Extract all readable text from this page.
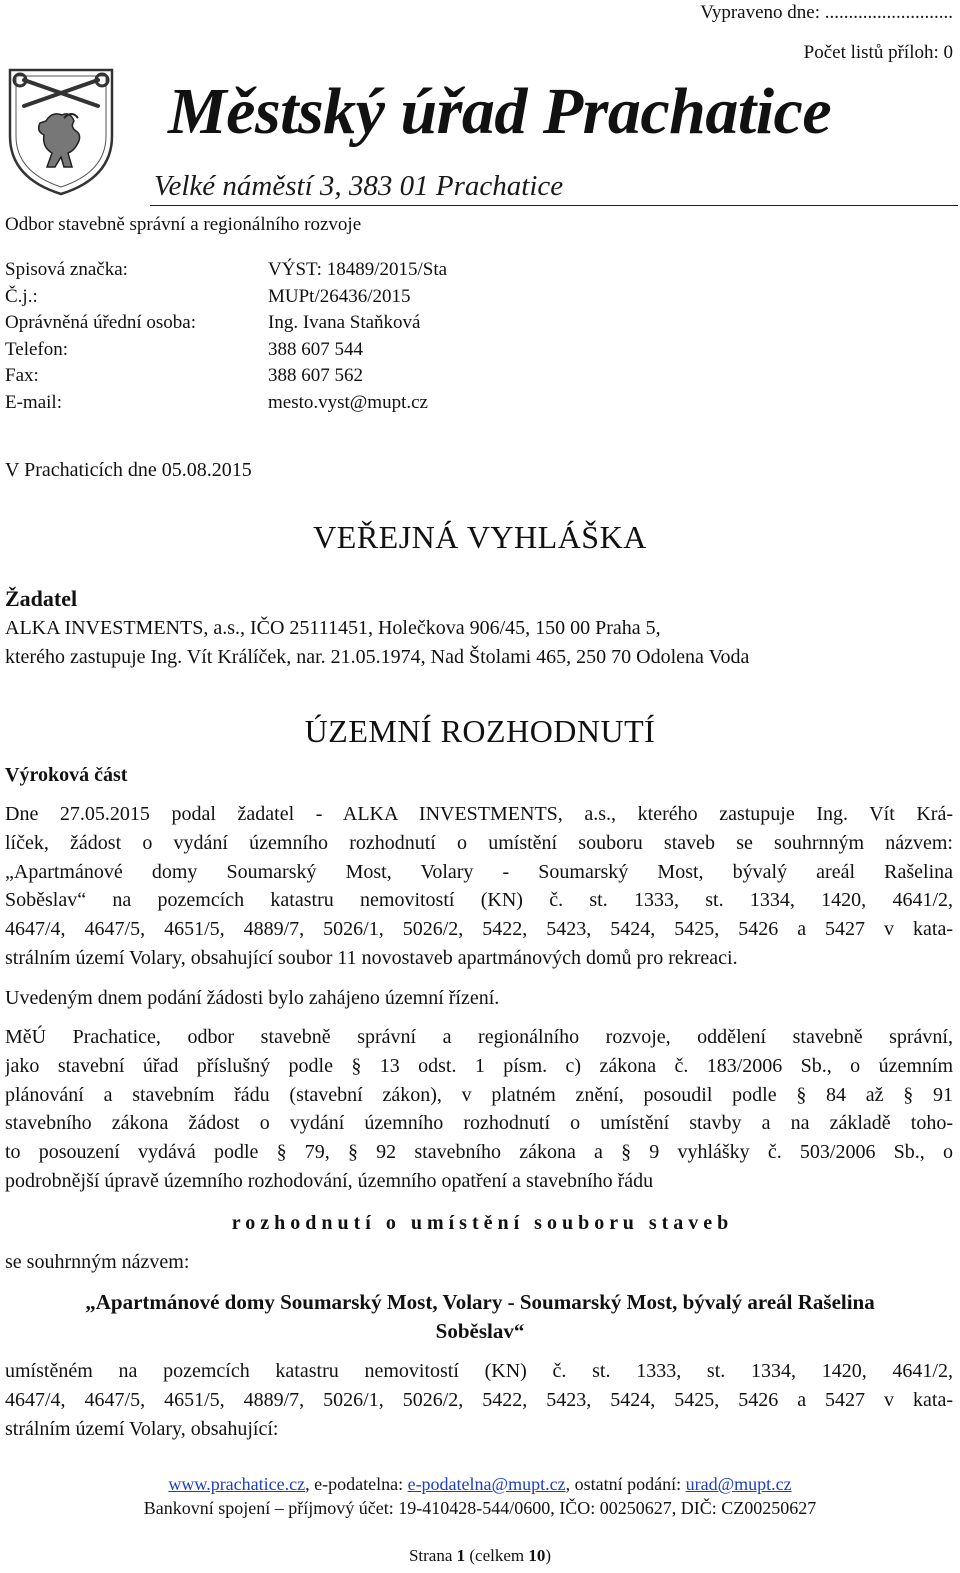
Vypraveno dne: ...........................
Počet listů příloh: 0
Městský úřad Prachatice
Velké náměstí 3, 383 01 Prachatice
Odbor stavebně správní a regionálního rozvoje
Spisová značka:	VÝST: 18489/2015/Sta
Č.j.:	MUPt/26436/2015
Oprávněná úřední osoba:	Ing. Ivana Staňková
Telefon:	388 607 544
Fax:	388 607 562
E-mail:	mesto.vyst@mupt.cz
V Prachaticích dne 05.08.2015
VEŘEJNÁ VYHLÁŠKA
Žadatel
ALKA INVESTMENTS, a.s., IČO 25111451, Holečkova 906/45, 150 00 Praha 5,
kterého zastupuje Ing. Vít Králíček, nar. 21.05.1974, Nad Štolami 465, 250 70 Odolena Voda
ÚZEMNÍ ROZHODNUTÍ
Výroková část
Dne 27.05.2015 podal žadatel - ALKA INVESTMENTS, a.s., kterého zastupuje Ing. Vít Krá-
líček, žádost o vydání územního rozhodnutí o umístění souboru staveb se souhrnným názvem:
„Apartmánové domy Soumarský Most, Volary - Soumarský Most, bývalý areál Rašelina
Soběslav“ na pozemcích katastru nemovitostí (KN) č. st. 1333, st. 1334, 1420, 4641/2,
4647/4, 4647/5, 4651/5, 4889/7, 5026/1, 5026/2, 5422, 5423, 5424, 5425, 5426 a 5427 v kata-
strálním území Volary, obsahující soubor 11 novostaveb apartmánových domů pro rekreaci.
Uvedeným dnem podání žádosti bylo zahájeno územní řízení.
MěÚ Prachatice, odbor stavebně správní a regionálního rozvoje, oddělení stavebně správní,
jako stavební úřad příslušný podle § 13 odst. 1 písm. c) zákona č. 183/2006 Sb., o územním
plánování a stavebním řádu (stavební zákon), v platném znění, posoudil podle § 84 až § 91
stavebního zákona žádost o vydání územního rozhodnutí o umístění stavby a na základě toho-
to posouzení vydává podle § 79, § 92 stavebního zákona a § 9 vyhlášky č. 503/2006 Sb., o
podrobnější úpravě územního rozhodování, územního opatření a stavebního řádu
r o z h o d n u t í   o   u m í s t ě n í   s o u b o r u   s t a v e b
se souhrnným názvem:
„Apartmánové domy Soumarský Most, Volary - Soumarský Most, bývalý areál Rašelina
Soběslav“
umístěném na pozemcích katastru nemovitostí (KN) č. st. 1333, st. 1334, 1420, 4641/2,
4647/4, 4647/5, 4651/5, 4889/7, 5026/1, 5026/2, 5422, 5423, 5424, 5425, 5426 a 5427 v kata-
strálním území Volary, obsahující:
www.prachatice.cz, e-podatelna: e-podatelna@mupt.cz, ostatní podání: urad@mupt.cz
Bankovní spojení – příjmový účet: 19-410428-544/0600, IČO: 00250627, DIČ: CZ00250627
Strana 1 (celkem 10)
